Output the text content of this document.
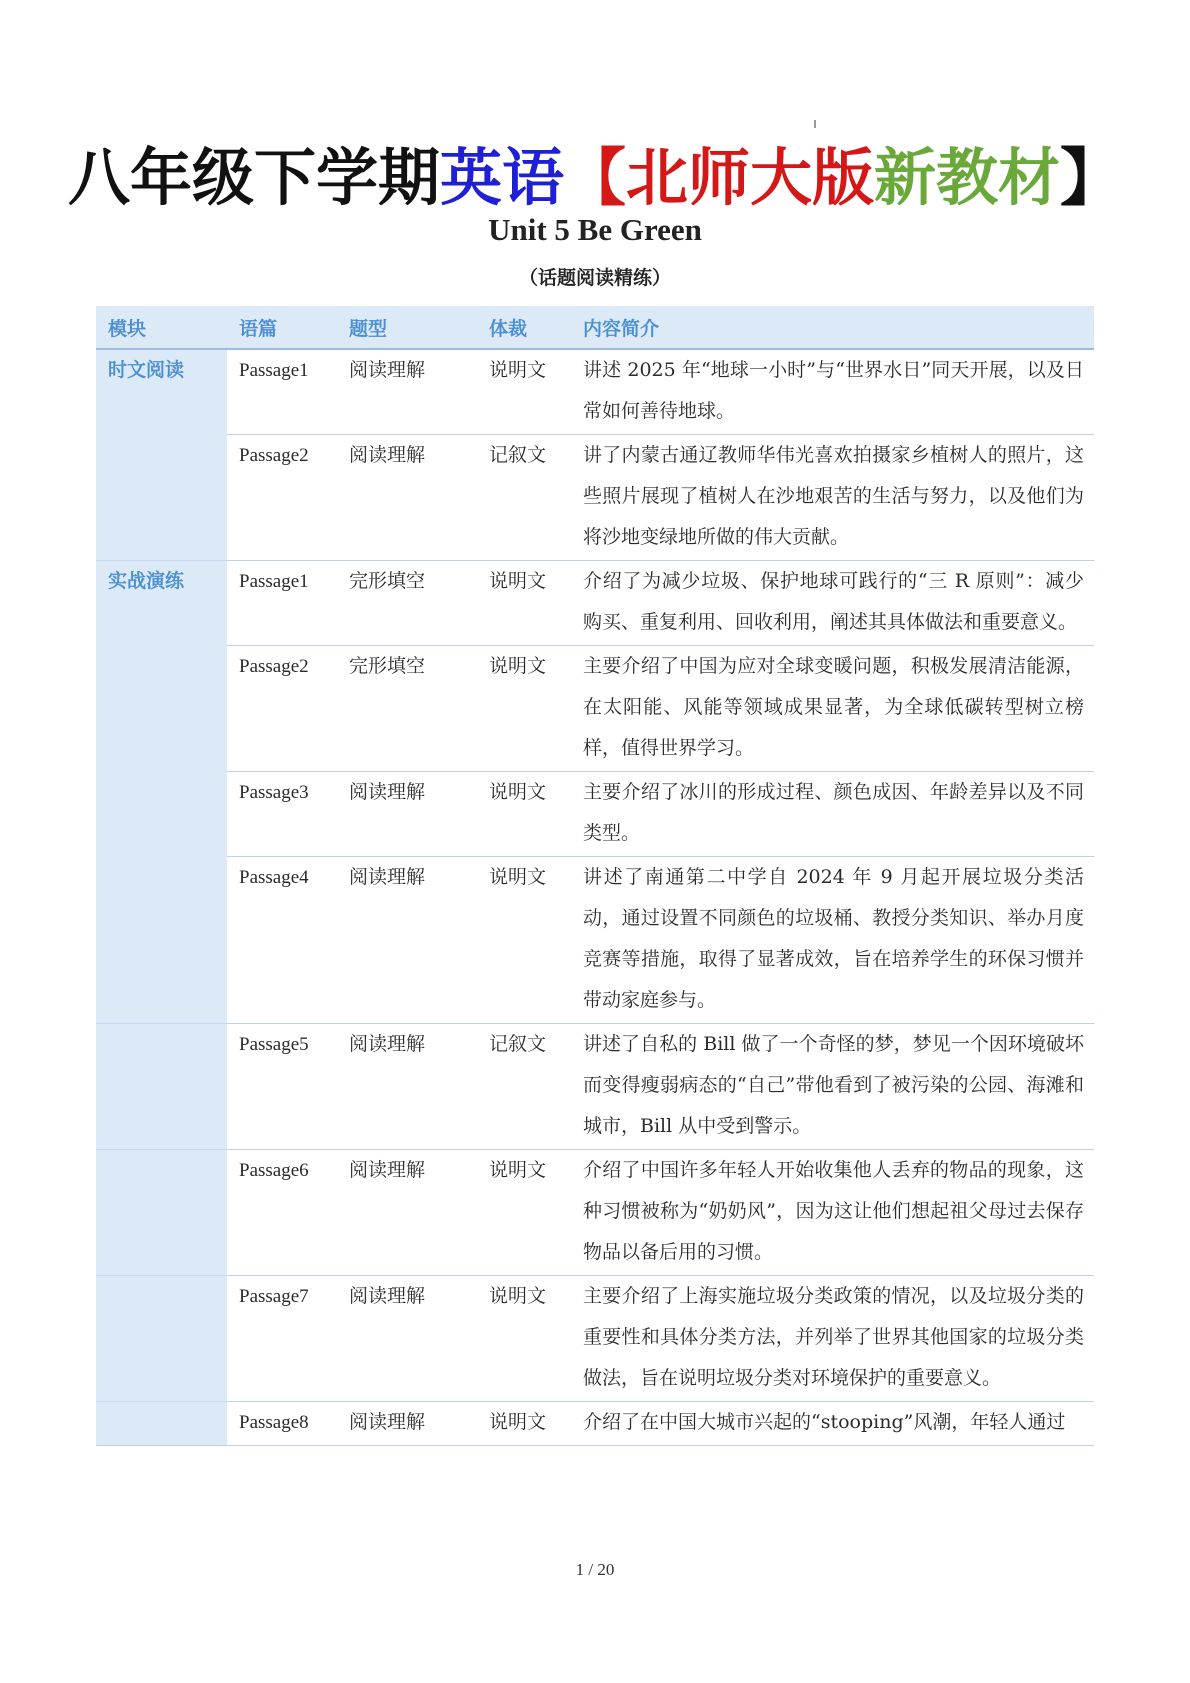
八年级下学期英语【北师大版新教材】
Unit 5 Be Green
（话题阅读精练）
模块	语篇	题型	体裁	内容简介
时文阅读	Passage1	阅读理解	说明文	讲述 2025 年“地球一小时”与“世界水日”同天开展，以及日常如何善待地球。
	Passage2	阅读理解	记叙文	讲了内蒙古通辽教师华伟光喜欢拍摄家乡植树人的照片，这些照片展现了植树人在沙地艰苦的生活与努力，以及他们为将沙地变绿地所做的伟大贡献。
实战演练	Passage1	完形填空	说明文	介绍了为减少垃圾、保护地球可践行的“三 R 原则”：减少购买、重复利用、回收利用，阐述其具体做法和重要意义。
	Passage2	完形填空	说明文	主要介绍了中国为应对全球变暖问题，积极发展清洁能源，在太阳能、风能等领域成果显著，为全球低碳转型树立榜样，值得世界学习。
	Passage3	阅读理解	说明文	主要介绍了冰川的形成过程、颜色成因、年龄差异以及不同类型。
	Passage4	阅读理解	说明文	讲述了南通第二中学自 2024 年 9 月起开展垃圾分类活动，通过设置不同颜色的垃圾桶、教授分类知识、举办月度竞赛等措施，取得了显著成效，旨在培养学生的环保习惯并带动家庭参与。
	Passage5	阅读理解	记叙文	讲述了自私的 Bill 做了一个奇怪的梦，梦见一个因环境破坏而变得瘦弱病态的“自己”带他看到了被污染的公园、海滩和城市，Bill 从中受到警示。
	Passage6	阅读理解	说明文	介绍了中国许多年轻人开始收集他人丢弃的物品的现象，这种习惯被称为“奶奶风”，因为这让他们想起祖父母过去保存物品以备后用的习惯。
	Passage7	阅读理解	说明文	主要介绍了上海实施垃圾分类政策的情况，以及垃圾分类的重要性和具体分类方法，并列举了世界其他国家的垃圾分类做法，旨在说明垃圾分类对环境保护的重要意义。
	Passage8	阅读理解	说明文	介绍了在中国大城市兴起的“stooping”风潮，年轻人通过
1 / 20
